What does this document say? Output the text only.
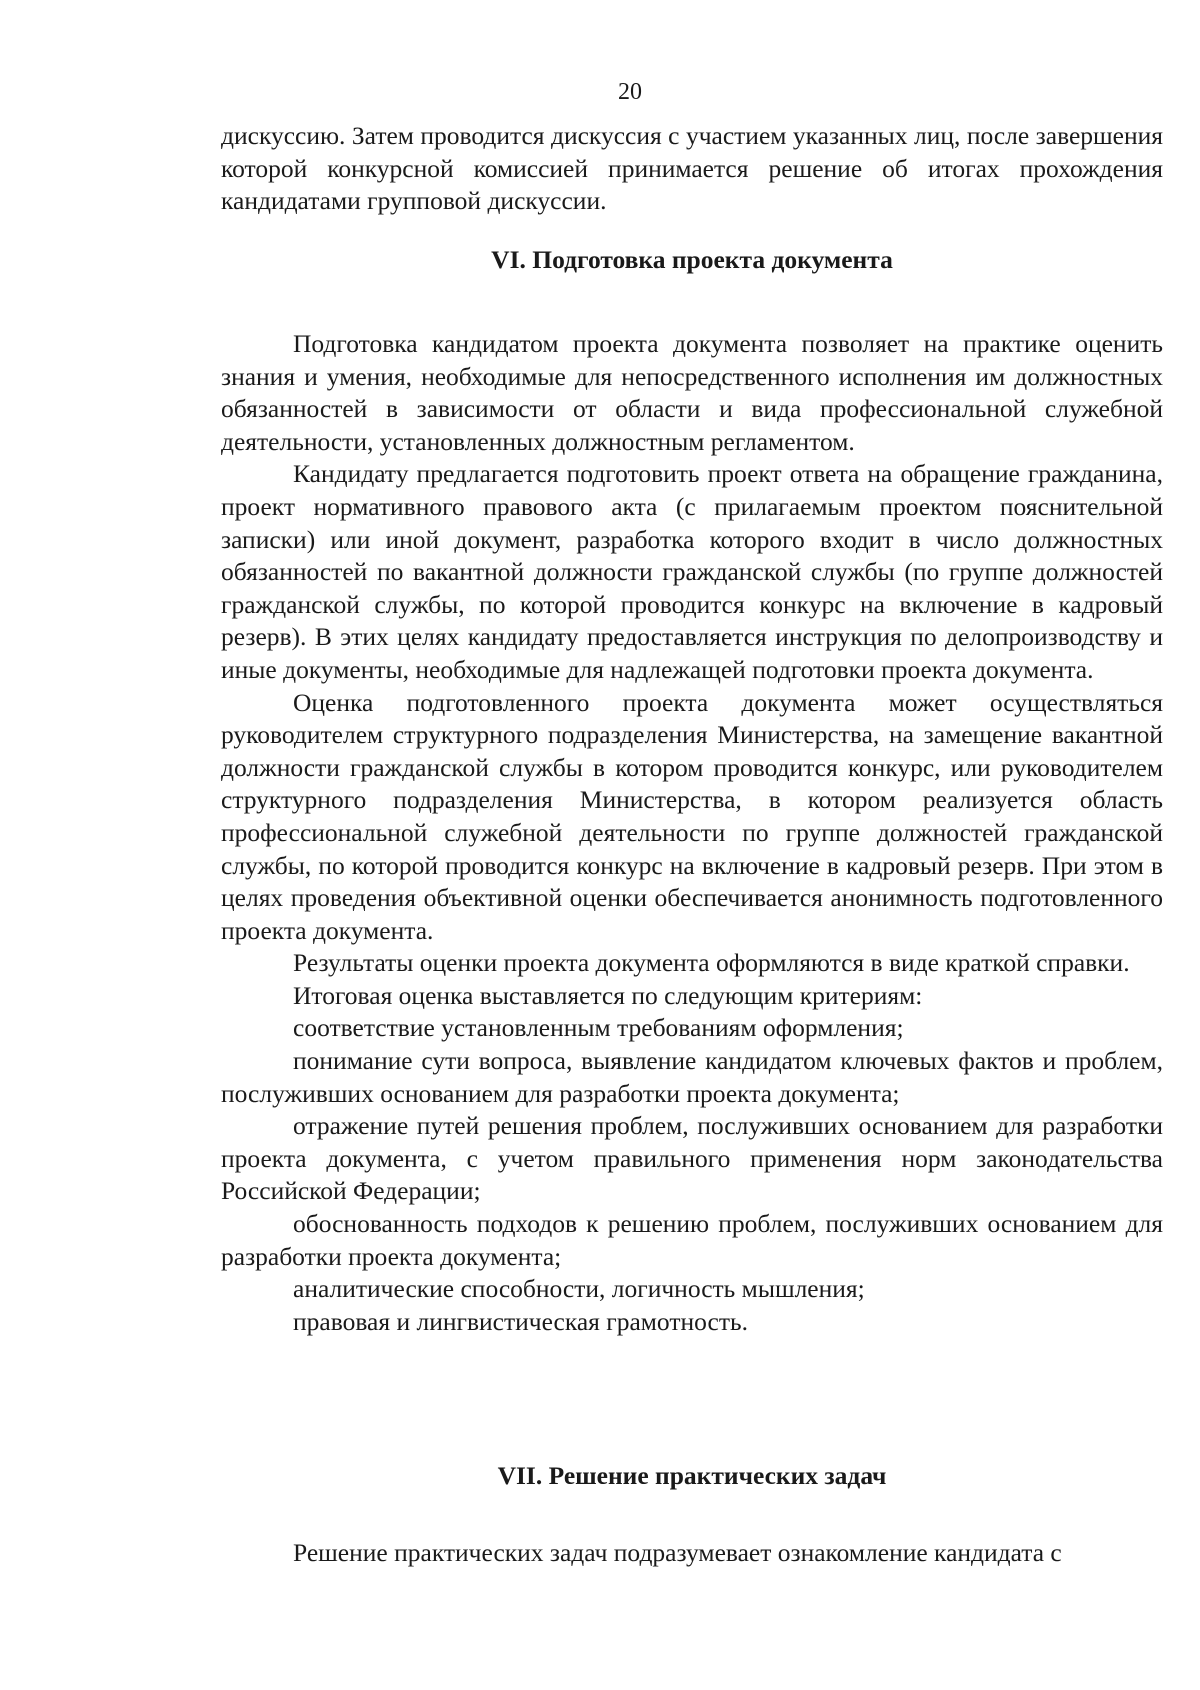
20

дискуссию. Затем проводится дискуссия с участием указанных лиц, после завершения которой конкурсной комиссией принимается решение об итогах прохождения кандидатами групповой дискуссии.

VI. Подготовка проекта документа

Подготовка кандидатом проекта документа позволяет на практике оценить знания и умения, необходимые для непосредственного исполнения им должностных обязанностей в зависимости от области и вида профессиональной служебной деятельности, установленных должностным регламентом.

Кандидату предлагается подготовить проект ответа на обращение гражданина, проект нормативного правового акта (с прилагаемым проектом пояснительной записки) или иной документ, разработка которого входит в число должностных обязанностей по вакантной должности гражданской службы (по группе должностей гражданской службы, по которой проводится конкурс на включение в кадровый резерв). В этих целях кандидату предоставляется инструкция по делопроизводству и иные документы, необходимые для надлежащей подготовки проекта документа.

Оценка подготовленного проекта документа может осуществляться руководителем структурного подразделения Министерства, на замещение вакантной должности гражданской службы в котором проводится конкурс, или руководителем структурного подразделения Министерства, в котором реализуется область профессиональной служебной деятельности по группе должностей гражданской службы, по которой проводится конкурс на включение в кадровый резерв. При этом в целях проведения объективной оценки обеспечивается анонимность подготовленного проекта документа.

Результаты оценки проекта документа оформляются в виде краткой справки.

Итоговая оценка выставляется по следующим критериям:

соответствие установленным требованиям оформления;

понимание сути вопроса, выявление кандидатом ключевых фактов и проблем, послуживших основанием для разработки проекта документа;

отражение путей решения проблем, послуживших основанием для разработки проекта документа, с учетом правильного применения норм законодательства Российской Федерации;

обоснованность подходов к решению проблем, послуживших основанием для разработки проекта документа;

аналитические способности, логичность мышления;

правовая и лингвистическая грамотность.

VII. Решение практических задач

Решение практических задач подразумевает ознакомление кандидата с
